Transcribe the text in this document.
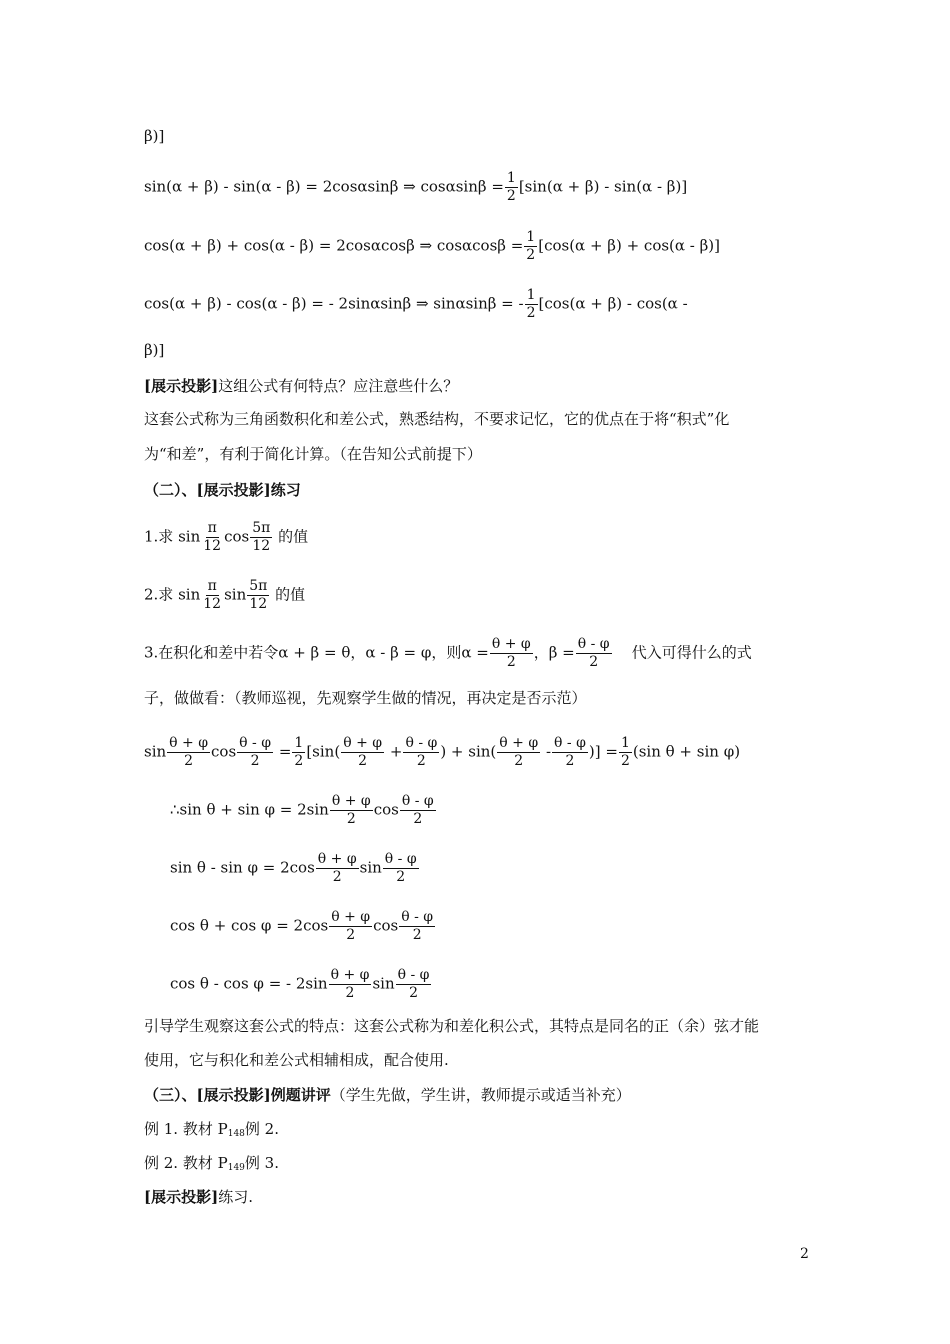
β)]
sin(α + β) - sin(α - β) = 2cosαsinβ ⇒ $\cos\alpha\sin\beta = \frac{1}{2} [\sin(\alpha + \beta) - \sin(\alpha - \beta)]$
cos(α + β) + cos(α - β) = 2cosαcosβ ⇒ $\cos\alpha\cos\beta = \frac{1}{2} [\cos(\alpha + \beta) + \cos(\alpha - \beta)]$
cos(α + β) - cos(α - β) = - 2sinαsinβ ⇒ sinαsinβ = - $\frac{1}{2} [\cos(\alpha + \beta) - \cos(\alpha$ -
β)]
[展示投影]这组公式有何特点？应注意些什么？
这套公式称为三角函数积化和差公式，熟悉结构，不要求记忆，它的优点在于将“积式”化
为“和差”，有利于简化计算。（在告知公式前提下）
（二）、[展示投影]练习
1.求 $\sin \frac{\pi}{12}$ $\cos \frac{5\pi}{12}$ 的值
2.求 $\sin \frac{\pi}{12}$ $\sin \frac{5\pi}{12}$ 的值
3.在积化和差中若令α + β = θ，α - β = φ，则$\alpha = \frac{\theta + \varphi}{2}$ ，$\beta = \frac{\theta - \varphi}{2}$ 代入可得什么的式
子，做做看：（教师巡视，先观察学生做的情况，再决定是否示范）
$\sin \frac{\theta + \varphi}{2}$ $\cos \frac{\theta - \varphi}{2} = \frac{1}{2} [\sin( \frac{\theta + \varphi}{2} + \frac{\theta - \varphi}{2}$ ) + $\sin( \frac{\theta + \varphi}{2} - \frac{\theta - \varphi}{2}$ )] = $\frac{1}{2} (\sin$ θ + sin φ)
∴sin $\theta + \sin \varphi = 2\sin \frac{\theta + \varphi}{2}$ $\cos \frac{\theta - \varphi}{2}$
$\sin \theta - \sin \varphi = 2\cos \frac{\theta + \varphi}{2}$ $\sin \frac{\theta - \varphi}{2}$
$\cos \theta + \cos \varphi = 2\cos \frac{\theta + \varphi}{2}$ $\cos \frac{\theta - \varphi}{2}$
cos θ - cos φ = - $2\sin \frac{\theta + \varphi}{2}$ $\sin \frac{\theta - \varphi}{2}$
引导学生观察这套公式的特点：这套公式称为和差化积公式，其特点是同名的正（余）弦才能
使用，它与积化和差公式相辅相成，配合使用.
（三）、[展示投影]例题讲评（学生先做，学生讲，教师提示或适当补充）
例 1. 教材 $P_{148}$例 2.
例 2. 教材 $P_{149}$例 3.
[展示投影]练习.
2
